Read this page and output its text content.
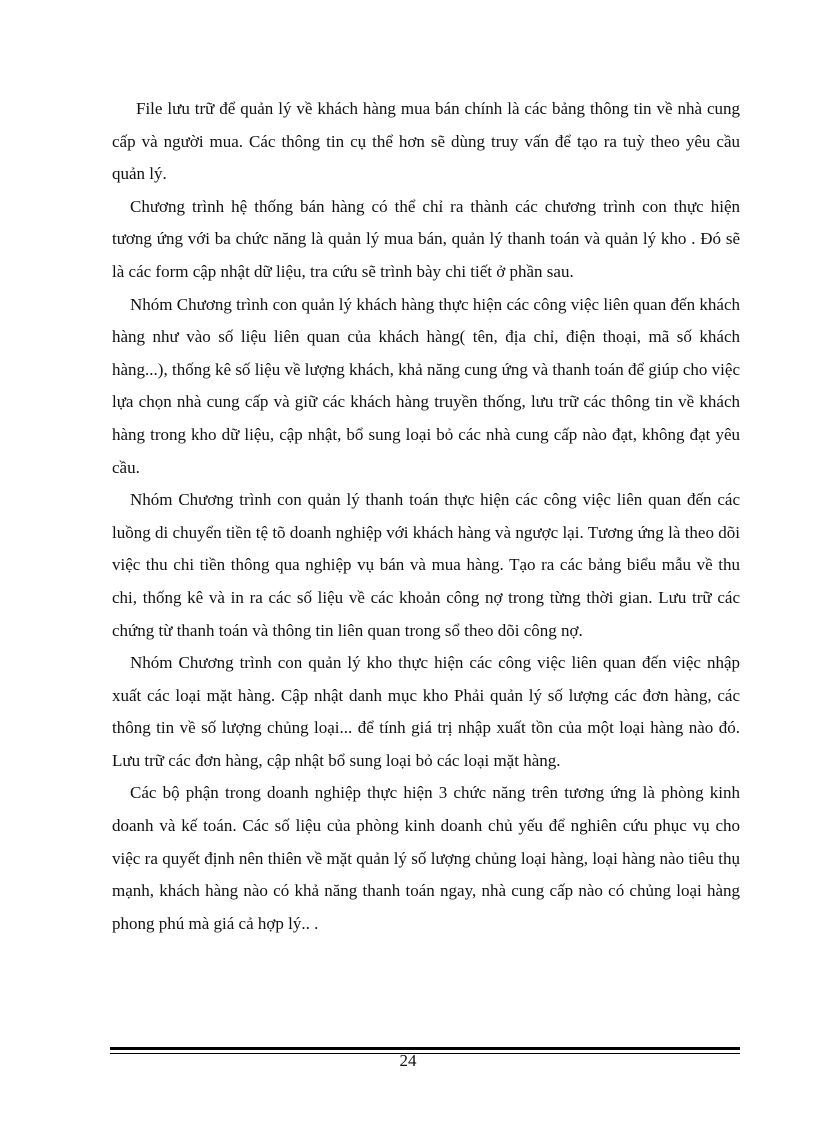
File lưu trữ để quản lý về khách hàng mua bán chính là các bảng thông tin về nhà cung cấp và người mua. Các thông tin cụ thể hơn sẽ dùng truy vấn để tạo ra tuỳ theo yêu cầu quản lý.

Chương trình hệ thống bán hàng có thể chỉ ra thành các chương trình con thực hiện tương ứng với ba chức năng là quản lý mua bán, quản lý thanh toán và quản lý kho . Đó sẽ là các form cập nhật dữ liệu, tra cứu sẽ trình bày chi tiết ở phần sau.

Nhóm Chương trình con quản lý khách hàng thực hiện các công việc liên quan đến khách hàng như vào số liệu liên quan của khách hàng( tên, địa chỉ, điện thoại, mã số khách hàng...), thống kê số liệu về lượng khách, khả năng cung ứng và thanh toán để giúp cho việc lựa chọn nhà cung cấp và giữ các khách hàng truyền thống, lưu trữ các thông tin về khách hàng trong kho dữ liệu, cập nhật, bổ sung loại bỏ các nhà cung cấp nào đạt, không đạt yêu cầu.

Nhóm Chương trình con quản lý thanh toán thực hiện các công việc liên quan đến các luồng di chuyển tiền tệ tõ doanh nghiệp với khách hàng và ngược lại. Tương ứng là theo dõi việc thu chi tiền thông qua nghiệp vụ bán và mua hàng. Tạo ra các bảng biểu mẫu về thu chi, thống kê và in ra các số liệu về các khoản công nợ trong từng thời gian. Lưu trữ các chứng từ thanh toán và thông tin liên quan trong sổ theo dõi công nợ.

Nhóm Chương trình con quản lý kho thực hiện các công việc liên quan đến việc nhập xuất các loại mặt hàng. Cập nhật danh mục kho Phải quản lý số lượng các đơn hàng, các thông tin về số lượng chủng loại... để tính giá trị nhập xuất tồn của một loại hàng nào đó. Lưu trữ các đơn hàng, cập nhật bổ sung loại bỏ các loại mặt hàng.

Các bộ phận trong doanh nghiệp thực hiện 3 chức năng trên tương ứng là phòng kinh doanh và kế toán. Các số liệu của phòng kinh doanh chủ yếu để nghiên cứu phục vụ cho việc ra quyết định nên thiên về mặt quản lý số lượng chủng loại hàng, loại hàng nào tiêu thụ mạnh, khách hàng nào có khả năng thanh toán ngay, nhà cung cấp nào có chủng loại hàng phong phú mà giá cả hợp lý.. .

24
